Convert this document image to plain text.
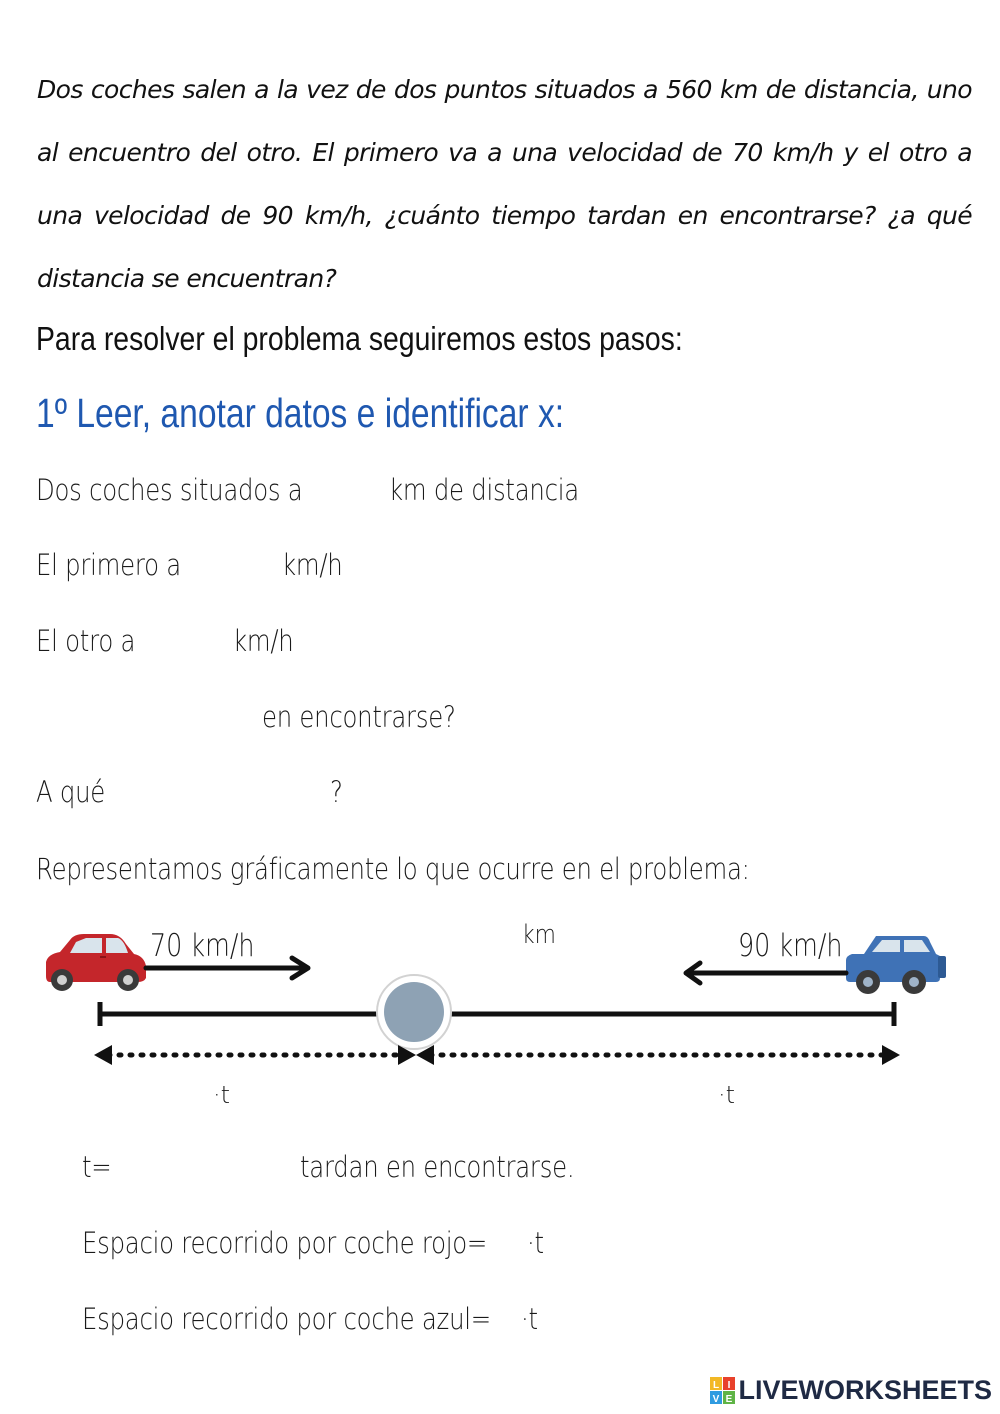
Dos coches salen a la vez de dos puntos situados a 560 km de distancia, uno al encuentro del otro. El primero va a una velocidad de 70 km/h y el otro a una velocidad de 90 km/h, ¿cuánto tiempo tardan en encontrarse? ¿a qué distancia se encuentran?

Para resolver el problema seguiremos estos pasos:
1º Leer, anotar datos e identificar x:
Dos coches situados a	km de distancia
El primero a	km/h
El otro a	km/h
en encontrarse?
A qué	?
Representamos gráficamente lo que ocurre en el problema:
70 km/h	90 km/h
km
·t	·t
t=	tardan en encontrarse.
Espacio recorrido por coche rojo= ·t
Espacio recorrido por coche azul= ·t
L I
V E LIVEWORKSHEETS
